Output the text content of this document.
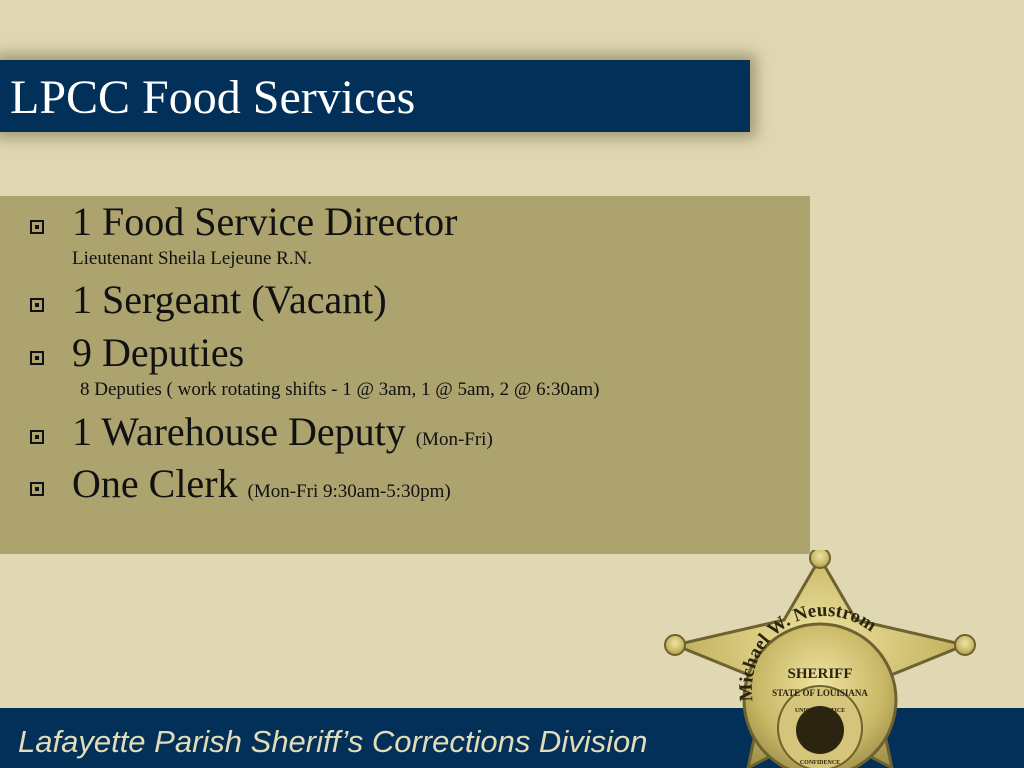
LPCC Food Services
1 Food Service Director
Lieutenant Sheila Lejeune R.N.
1 Sergeant (Vacant)
9 Deputies
8 Deputies ( work rotating shifts - 1 @ 3am, 1 @ 5am, 2 @ 6:30am)
1 Warehouse Deputy (Mon-Fri)
One Clerk (Mon-Fri 9:30am-5:30pm)
Lafayette Parish Sheriff’s Corrections Division
Michael W. Neustrom
SHERIFF
STATE OF LOUISIANA
UNION · JUSTICE
CONFIDENCE
